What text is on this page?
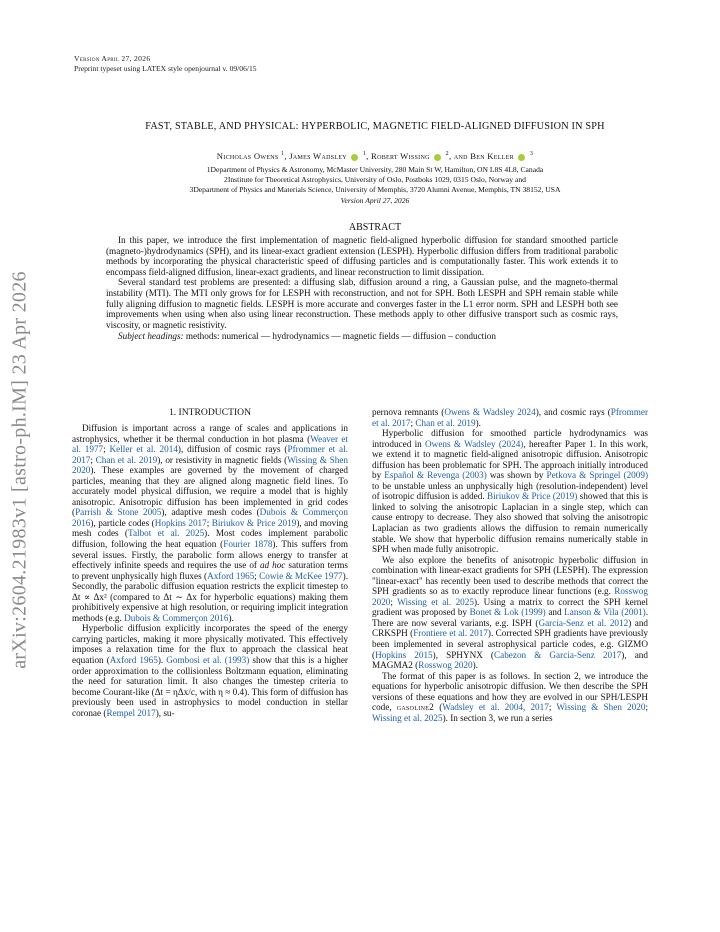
arXiv:2604.21983v1 [astro-ph.IM] 23 Apr 2026
Version April 27, 2026
Preprint typeset using LATEX style openjournal v. 09/06/15
FAST, STABLE, AND PHYSICAL: HYPERBOLIC, MAGNETIC FIELD-ALIGNED DIFFUSION IN SPH
Nicholas Owens $^1$, James Wadsley	$^1$, Robert Wissing	$^2$, and Ben Keller	$^3$
1Department of Physics & Astronomy, McMaster University, 280 Main St W, Hamilton, ON L8S 4L8, Canada
2Institute for Theoretical Astrophysics, University of Oslo, Postboks 1029, 0315 Oslo, Norway and
3Department of Physics and Materials Science, University of Memphis, 3720 Alumni Avenue, Memphis, TN 38152, USA
Version April 27, 2026
ABSTRACT

In this paper, we introduce the first implementation of magnetic field-aligned hyperbolic diffusion for standard smoothed particle (magneto-)hydrodynamics (SPH), and its linear-exact gradient extension (LESPH). Hyperbolic diffusion differs from traditional parabolic methods by incorporating the physical characteristic speed of diffusing particles and is computationally faster. This work extends it to encompass field-aligned diffusion, linear-exact gradients, and linear reconstruction to limit dissipation.

Several standard test problems are presented: a diffusing slab, diffusion around a ring, a Gaussian pulse, and the magneto-thermal instability (MTI). The MTI only grows for for LESPH with reconstruction, and not for SPH. Both LESPH and SPH remain stable while fully aligning diffusion to magnetic fields. LESPH is more accurate and converges faster in the L1 error norm. SPH and LESPH both see improvements when using when also using linear reconstruction. These methods apply to other diffusive transport such as cosmic rays, viscosity, or magnetic resistivity.

Subject headings: methods: numerical — hydrodynamics — magnetic fields — diffusion – conduction

1. INTRODUCTION

Diffusion is important across a range of scales and applications in astrophysics, whether it be thermal conduction in hot plasma (Weaver et al. 1977; Keller et al. 2014), diffusion of cosmic rays (Pfrommer et al. 2017; Chan et al. 2019), or resistivity in magnetic fields (Wissing & Shen 2020). These examples are governed by the movement of charged particles, meaning that they are aligned along magnetic field lines. To accurately model physical diffusion, we require a model that is highly anisotropic. Anisotropic diffusion has been implemented in grid codes (Parrish & Stone 2005), adaptive mesh codes (Dubois & Commerçon 2016), particle codes (Hopkins 2017; Biriukov & Price 2019), and moving mesh codes (Talbot et al. 2025). Most codes implement parabolic diffusion, following the heat equation (Fourier 1878). This suffers from several issues. Firstly, the parabolic form allows energy to transfer at effectively infinite speeds and requires the use of ad hoc saturation terms to prevent unphysically high fluxes (Axford 1965; Cowie & McKee 1977). Secondly, the parabolic diffusion equation restricts the explicit timestep to Δt ∝ Δx² (compared to Δt ∼ Δx for hyperbolic equations) making them prohibitively expensive at high resolution, or requiring implicit integration methods (e.g. Dubois & Commerçon 2016).

Hyperbolic diffusion explicitly incorporates the speed of the energy carrying particles, making it more physically motivated. This effectively imposes a relaxation time for the flux to approach the classical heat equation (Axford 1965). Gombosi et al. (1993) show that this is a higher order approximation to the collisionless Boltzmann equation, eliminating the need for saturation limit. It also changes the timestep criteria to become Courant-like (Δt = ηΔx/c, with η ≈ 0.4). This form of diffusion has previously been used in astrophysics to model conduction in stellar coronae (Rempel 2017), su-

pernova remnants (Owens & Wadsley 2024), and cosmic rays (Pfrommer et al. 2017; Chan et al. 2019).

Hyperbolic diffusion for smoothed particle hydrodynamics was introduced in Owens & Wadsley (2024), hereafter Paper 1. In this work, we extend it to magnetic field-aligned anisotropic diffusion. Anisotropic diffusion has been problematic for SPH. The approach initially introduced by Español & Revenga (2003) was shown by Petkova & Springel (2009) to be unstable unless an unphysically high (resolution-independent) level of isotropic diffusion is added. Biriukov & Price (2019) showed that this is linked to solving the anisotropic Laplacian in a single step, which can cause entropy to decrease. They also showed that solving the anisotropic Laplacian as two gradients allows the diffusion to remain numerically stable. We show that hyperbolic diffusion remains numerically stable in SPH when made fully anisotropic.

We also explore the benefits of anisotropic hyperbolic diffusion in combination with linear-exact gradients for SPH (LESPH). The expression "linear-exact" has recently been used to describe methods that correct the SPH gradients so as to exactly reproduce linear functions (e.g. Rosswog 2020; Wissing et al. 2025). Using a matrix to correct the SPH kernel gradient was proposed by Bonet & Lok (1999) and Lanson & Vila (2001). There are now several variants, e.g. ISPH (García-Senz et al. 2012) and CRKSPH (Frontiere et al. 2017). Corrected SPH gradients have previously been implemented in several astrophysical particle codes, e.g. GIZMO (Hopkins 2015), SPHYNX (Cabezon & Garcia-Senz 2017), and MAGMA2 (Rosswog 2020).

The format of this paper is as follows. In section 2, we introduce the equations for hyperbolic anisotropic diffusion. We then describe the SPH versions of these equations and how they are evolved in our SPH/LESPH code, gasoline2 (Wadsley et al. 2004, 2017; Wissing & Shen 2020; Wissing et al. 2025). In section 3, we run a series
